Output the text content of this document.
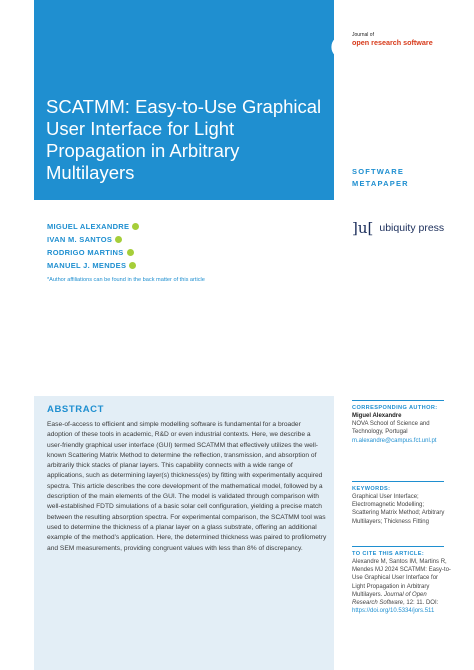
SCATMM: Easy-to-Use Graphical User Interface for Light Propagation in Arbitrary Multilayers
Journal of
open research software
SOFTWARE
METAPAPER
]u[ ubiquity press
MIGUEL ALEXANDRE
IVAN M. SANTOS
RODRIGO MARTINS
MANUEL J. MENDES
*Author affiliations can be found in the back matter of this article
ABSTRACT

Ease-of-access to efficient and simple modelling software is fundamental for a broader adoption of these tools in academic, R&D or even industrial contexts. Here, we describe a user-friendly graphical user interface (GUI) termed SCATMM that effectively utilizes the well-known Scattering Matrix Method to determine the reflection, transmission, and absorption of arbitrarily thick stacks of planar layers. This capability connects with a wide range of applications, such as determining layer(s) thickness(es) by fitting with experimentally acquired spectra. This article describes the core development of the mathematical model, followed by a description of the main elements of the GUI. The model is validated through comparison with well-established FDTD simulations of a basic solar cell configuration, yielding a precise match between the resulting absorption spectra. For experimental comparison, the SCATMM tool was used to determine the thickness of a planar layer on a glass substrate, offering an additional example of the method’s application. Here, the determined thickness was paired to profilometry and SEM measurements, providing congruent values with less than 8% of discrepancy.

CORRESPONDING AUTHOR:
Miguel Alexandre
NOVA School of Science and Technology, Portugal
m.alexandre@campus.fct.unl.pt
KEYWORDS:
Graphical User Interface; Electromagnetic Modelling; Scattering Matrix Method; Arbitrary Multilayers; Thickness Fitting
TO CITE THIS ARTICLE:
Alexandre M, Santos IM, Martins R, Mendes MJ 2024 SCATMM: Easy-to-Use Graphical User Interface for Light Propagation in Arbitrary Multilayers. Journal of Open Research Software, 12: 11. DOI: https://doi.org/10.5334/jors.511
